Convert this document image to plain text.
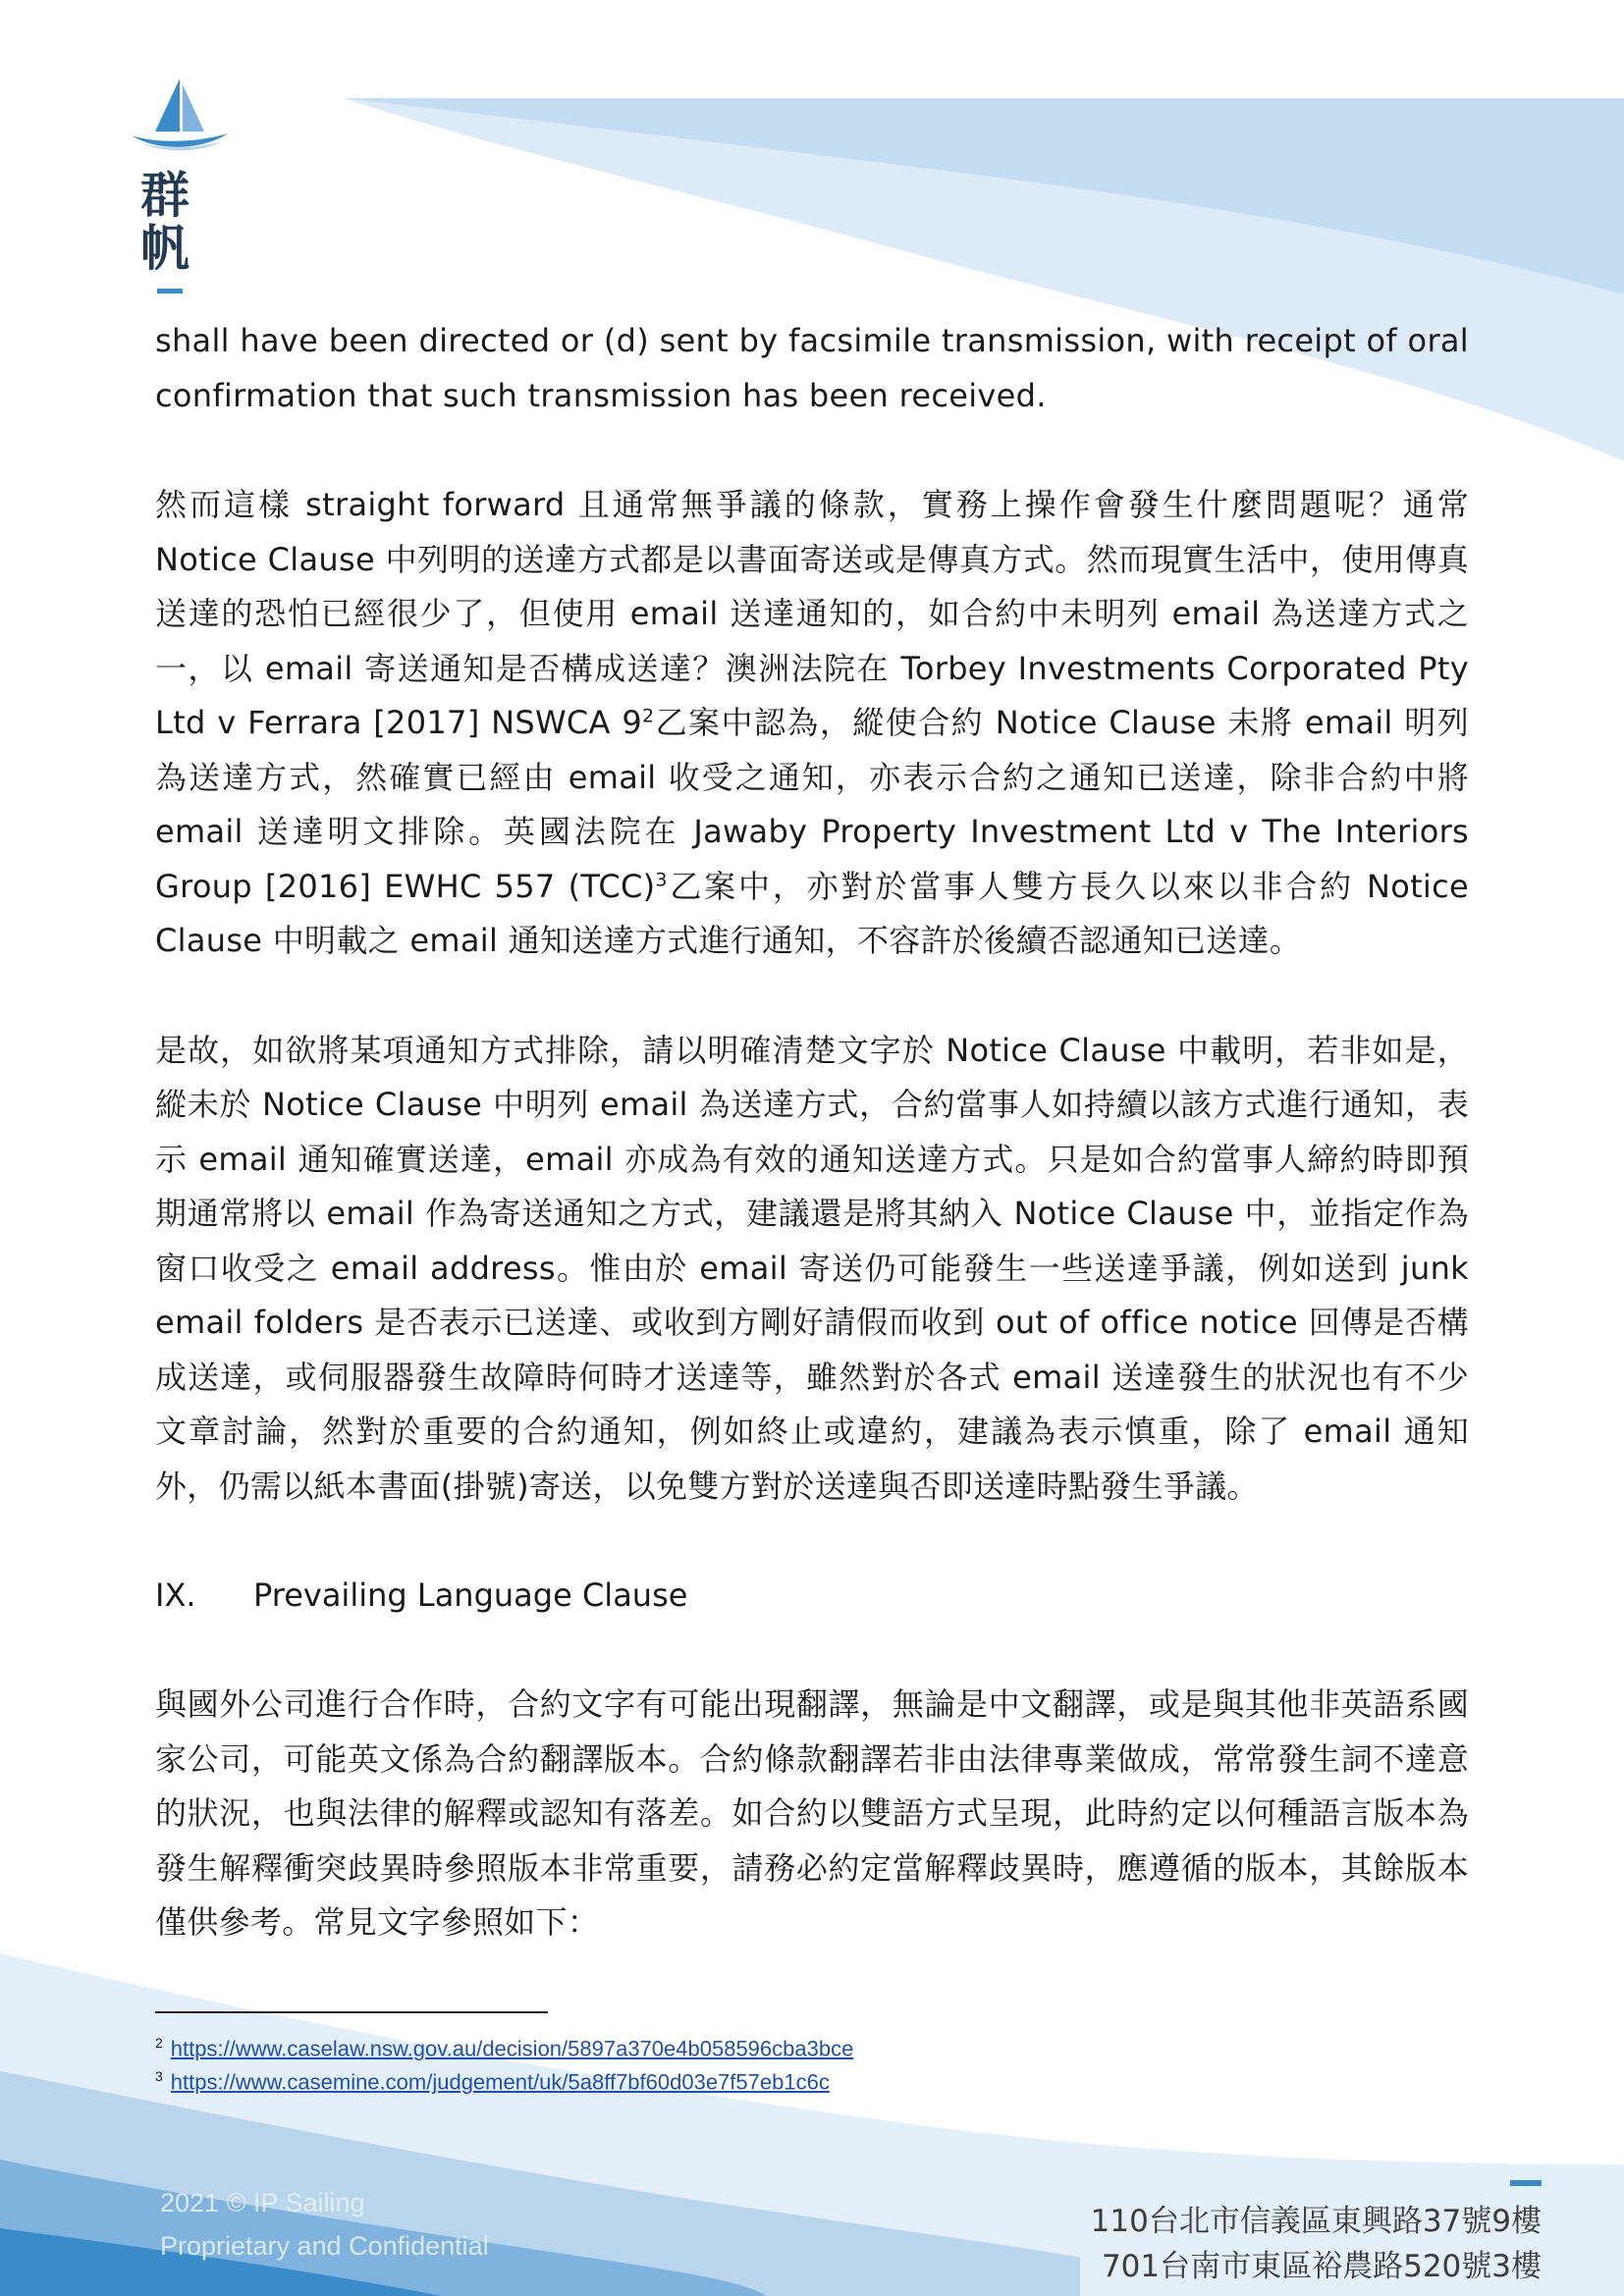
群
帆

shall have been directed or (d) sent by facsimile transmission, with receipt of oral confirmation that such transmission has been received.

然而這樣 straight forward 且通常無爭議的條款，實務上操作會發生什麼問題呢？通常 Notice Clause 中列明的送達方式都是以書面寄送或是傳真方式。然而現實生活中，使用傳真送達的恐怕已經很少了，但使用 email 送達通知的，如合約中未明列 email 為送達方式之一，以 email 寄送通知是否構成送達？澳洲法院在 Torbey Investments Corporated Pty Ltd v Ferrara [2017] NSWCA $9^2$乙案中認為，縱使合約 Notice Clause 未將 email 明列為送達方式，然確實已經由 email 收受之通知，亦表示合約之通知已送達，除非合約中將 email 送達明文排除。英國法院在 Jawaby Property Investment Ltd v The Interiors Group [2016] EWHC 557 (TCC)$^3$乙案中，亦對於當事人雙方長久以來以非合約 Notice Clause 中明載之 email 通知送達方式進行通知，不容許於後續否認通知已送達。

是故，如欲將某項通知方式排除，請以明確清楚文字於 Notice Clause 中載明，若非如是，縱未於 Notice Clause 中明列 email 為送達方式，合約當事人如持續以該方式進行通知，表示 email 通知確實送達，email 亦成為有效的通知送達方式。只是如合約當事人締約時即預期通常將以 email 作為寄送通知之方式，建議還是將其納入 Notice Clause 中，並指定作為窗口收受之 email address。惟由於 email 寄送仍可能發生一些送達爭議，例如送到 junk email folders 是否表示已送達、或收到方剛好請假而收到 out of office notice 回傳是否構成送達，或伺服器發生故障時何時才送達等，雖然對於各式 email 送達發生的狀況也有不少文章討論，然對於重要的合約通知，例如終止或違約，建議為表示慎重，除了 email 通知外，仍需以紙本書面(掛號)寄送，以免雙方對於送達與否即送達時點發生爭議。

IX.	Prevailing Language Clause

與國外公司進行合作時，合約文字有可能出現翻譯，無論是中文翻譯，或是與其他非英語系國家公司，可能英文係為合約翻譯版本。合約條款翻譯若非由法律專業做成，常常發生詞不達意的狀況，也與法律的解釋或認知有落差。如合約以雙語方式呈現，此時約定以何種語言版本為發生解釋衝突歧異時參照版本非常重要，請務必約定當解釋歧異時，應遵循的版本，其餘版本僅供參考。常見文字參照如下：

$^2$ https://www.caselaw.nsw.gov.au/decision/5897a370e4b058596cba3bce
$^3$ https://www.casemine.com/judgement/uk/5a8ff7bf60d03e7f57eb1c6c
2021 © IP Sailing
Proprietary and Confidential
110台北市信義區東興路37號9樓
701台南市東區裕農路520號3樓
